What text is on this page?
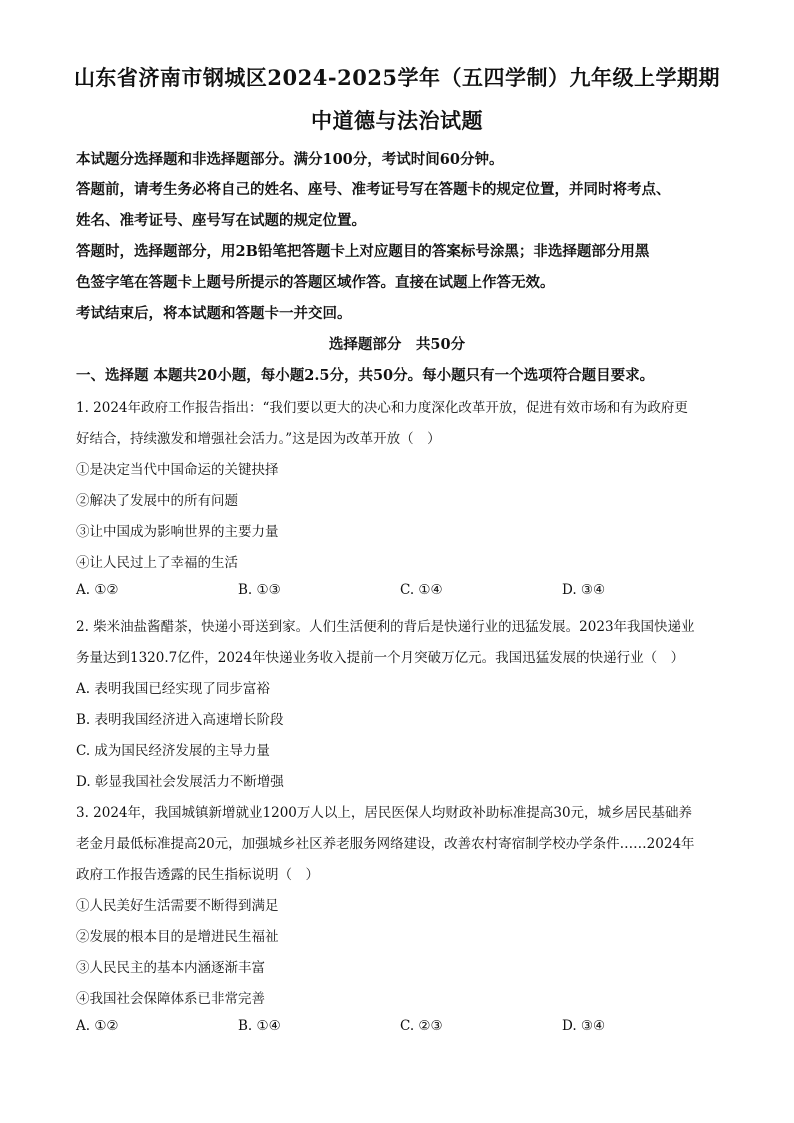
山东省济南市钢城区2024-2025学年（五四学制）九年级上学期期
中道德与法治试题
本试题分选择题和非选择题部分。满分100分，考试时间60分钟。
答题前，请考生务必将自己的姓名、座号、准考证号写在答题卡的规定位置，并同时将考点、
姓名、准考证号、座号写在试题的规定位置。
答题时，选择题部分，用2B铅笔把答题卡上对应题目的答案标号涂黑；非选择题部分用黑
色签字笔在答题卡上题号所提示的答题区域作答。直接在试题上作答无效。
考试结束后，将本试题和答题卡一并交回。
选择题部分　共50分
一、选择题 本题共20小题，每小题2.5分，共50分。每小题只有一个选项符合题目要求。
1. 2024年政府工作报告指出：“我们要以更大的决心和力度深化改革开放，促进有效市场和有为政府更
好结合，持续激发和增强社会活力。”这是因为改革开放（　）
①是决定当代中国命运的关键抉择
②解决了发展中的所有问题
③让中国成为影响世界的主要力量
④让人民过上了幸福的生活
A. ①②	B. ①③	C. ①④	D. ③④
2. 柴米油盐酱醋茶，快递小哥送到家。人们生活便利的背后是快递行业的迅猛发展。2023年我国快递业
务量达到1320.7亿件，2024年快递业务收入提前一个月突破万亿元。我国迅猛发展的快递行业（　）
A. 表明我国已经实现了同步富裕
B. 表明我国经济进入高速增长阶段
C. 成为国民经济发展的主导力量
D. 彰显我国社会发展活力不断增强
3. 2024年，我国城镇新增就业1200万人以上，居民医保人均财政补助标准提高30元，城乡居民基础养
老金月最低标准提高20元，加强城乡社区养老服务网络建设，改善农村寄宿制学校办学条件……2024年
政府工作报告透露的民生指标说明（　）
①人民美好生活需要不断得到满足
②发展的根本目的是增进民生福祉
③人民民主的基本内涵逐渐丰富
④我国社会保障体系已非常完善
A. ①②	B. ①④	C. ②③	D. ③④
